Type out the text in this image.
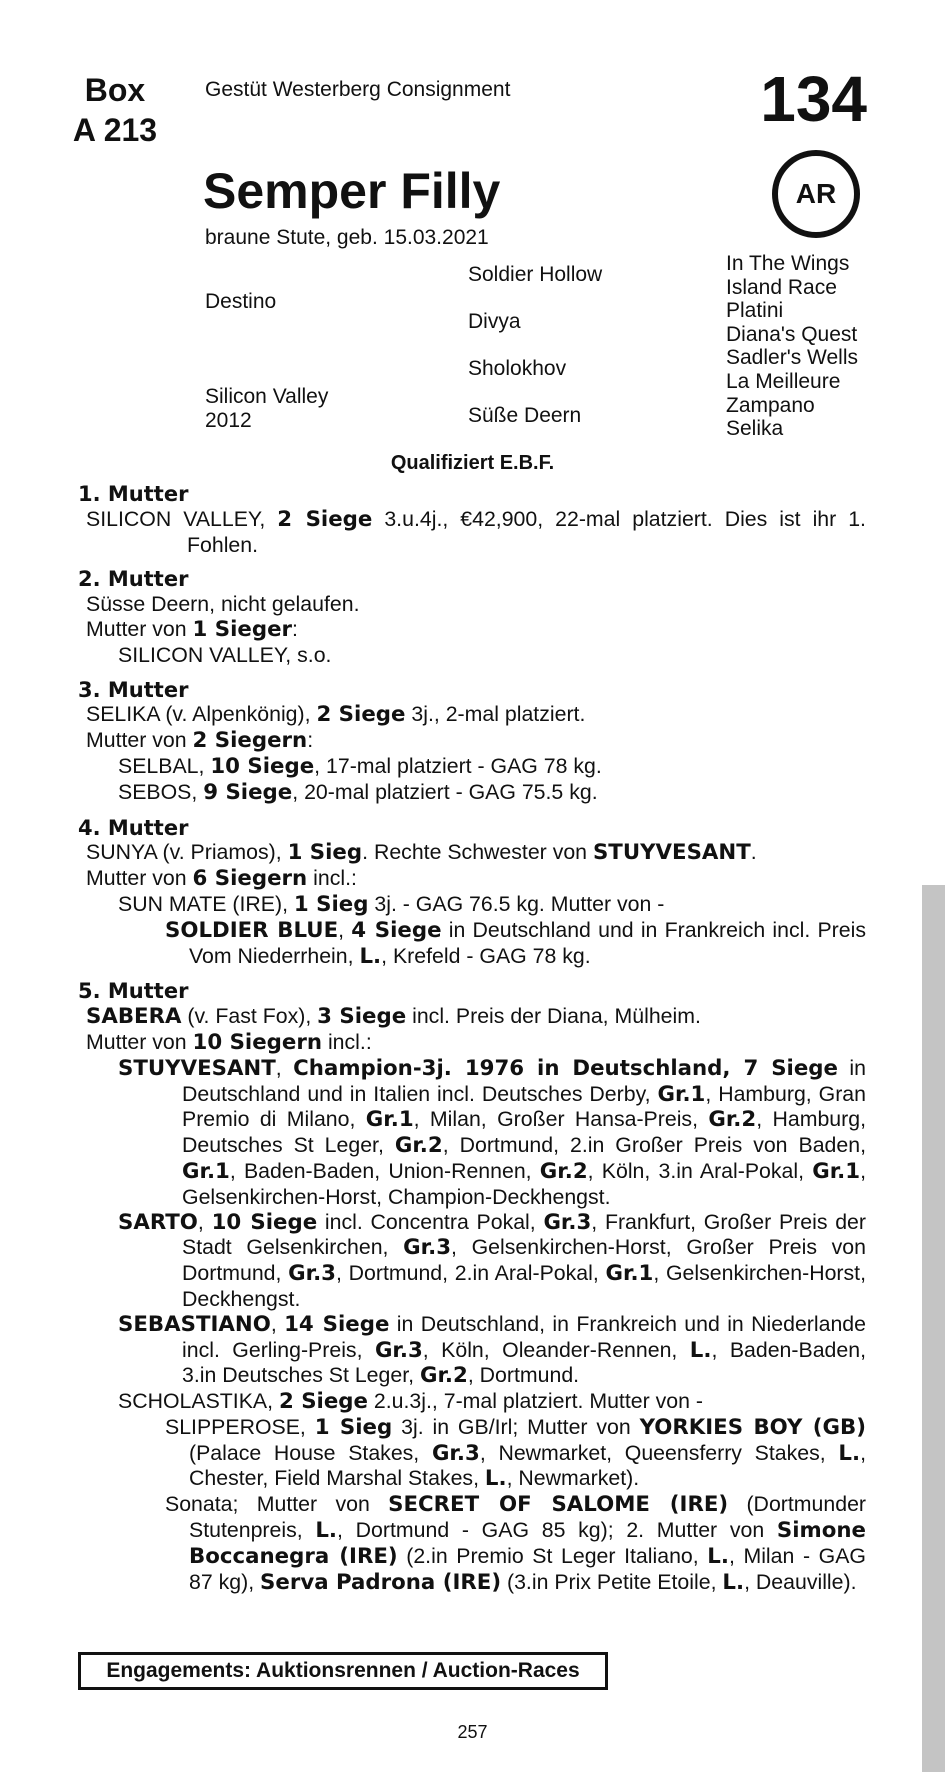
Box
A 213
Gestüt Westerberg Consignment	134
AR
Semper Filly
braune Stute, geb. 15.03.2021
Destino
Silicon Valley
2012
Soldier Hollow
Divya
Sholokhov
Süße Deern
In The Wings
Island Race
Platini
Diana's Quest
Sadler's Wells
La Meilleure
Zampano
Selika
Qualifiziert E.B.F.
1. Mutter
SILICON VALLEY, 2 Siege 3.u.4j., €42,900, 22-mal platziert. Dies ist ihr 1. Fohlen.
2. Mutter
Süsse Deern, nicht gelaufen.
Mutter von 1 Sieger:
SILICON VALLEY, s.o.
3. Mutter
SELIKA (v. Alpenkönig), 2 Siege 3j., 2-mal platziert.
Mutter von 2 Siegern:
SELBAL, 10 Siege, 17-mal platziert - GAG 78 kg.
SEBOS, 9 Siege, 20-mal platziert - GAG 75.5 kg.
4. Mutter
SUNYA (v. Priamos), 1 Sieg. Rechte Schwester von STUYVESANT.
Mutter von 6 Siegern incl.:
SUN MATE (IRE), 1 Sieg 3j. - GAG 76.5 kg. Mutter von -
SOLDIER BLUE, 4 Siege in Deutschland und in Frankreich incl. Preis Vom Niederrhein, L., Krefeld - GAG 78 kg.
5. Mutter
SABERA (v. Fast Fox), 3 Siege incl. Preis der Diana, Mülheim.
Mutter von 10 Siegern incl.:
STUYVESANT, Champion-3j. 1976 in Deutschland, 7 Siege in Deutschland und in Italien incl. Deutsches Derby, Gr.1, Hamburg, Gran Premio di Milano, Gr.1, Milan, Großer Hansa-Preis, Gr.2, Hamburg, Deutsches St Leger, Gr.2, Dortmund, 2.in Großer Preis von Baden, Gr.1, Baden-Baden, Union-Rennen, Gr.2, Köln, 3.in Aral-Pokal, Gr.1, Gelsenkirchen-Horst, Champion-Deckhengst.
SARTO, 10 Siege incl. Concentra Pokal, Gr.3, Frankfurt, Großer Preis der Stadt Gelsenkirchen, Gr.3, Gelsenkirchen-Horst, Großer Preis von Dortmund, Gr.3, Dortmund, 2.in Aral-Pokal, Gr.1, Gelsenkirchen-Horst, Deckhengst.
SEBASTIANO, 14 Siege in Deutschland, in Frankreich und in Niederlande incl. Gerling-Preis, Gr.3, Köln, Oleander-Rennen, L., Baden-Baden, 3.in Deutsches St Leger, Gr.2, Dortmund.
SCHOLASTIKA, 2 Siege 2.u.3j., 7-mal platziert. Mutter von -
SLIPPEROSE, 1 Sieg 3j. in GB/Irl; Mutter von YORKIES BOY (GB) (Palace House Stakes, Gr.3, Newmarket, Queensferry Stakes, L., Chester, Field Marshal Stakes, L., Newmarket).
Sonata; Mutter von SECRET OF SALOME (IRE) (Dortmunder Stutenpreis, L., Dortmund - GAG 85 kg); 2. Mutter von Simone Boccanegra (IRE) (2.in Premio St Leger Italiano, L., Milan - GAG 87 kg), Serva Padrona (IRE) (3.in Prix Petite Etoile, L., Deauville).
Engagements: Auktionsrennen / Auction-Races
257
